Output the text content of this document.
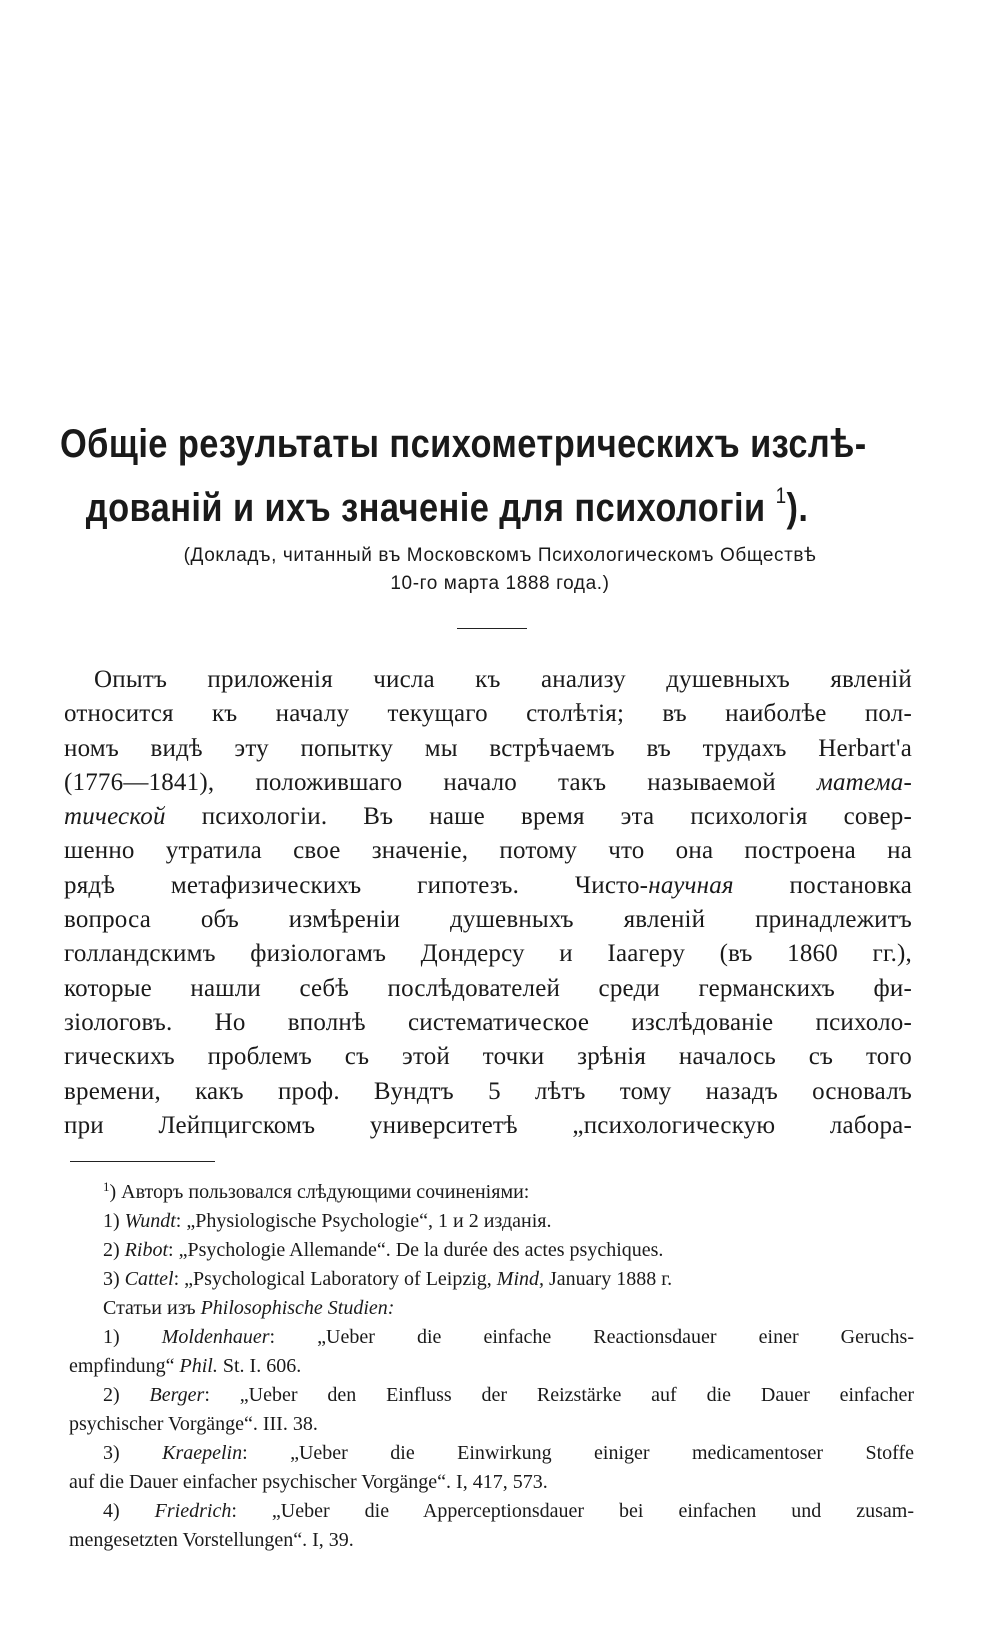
Общіе результаты психометрическихъ изслѣ-
дованій и ихъ значеніе для психологіи $^1$).
(Докладъ, читанный въ Московскомъ Психологическомъ Обществѣ
10-го марта 1888 года.)
Опытъ приложенія числа къ анализу душевныхъ явленій
относится къ началу текущаго столѣтія; въ наиболѣе пол-
номъ видѣ эту попытку мы встрѣчаемъ въ трудахъ Herbart'a
(1776—1841), положившаго начало такъ называемой матема-
тической психологіи. Въ наше время эта психологія совер-
шенно утратила свое значеніе, потому что она построена на
рядѣ метафизическихъ гипотезъ. Чисто-научная постановка
вопроса объ измѣреніи душевныхъ явленій принадлежитъ
голландскимъ физіологамъ Дондерсу и Іаагеру (въ 1860 гг.),
которые нашли себѣ послѣдователей среди германскихъ фи-
зіологовъ. Но вполнѣ систематическое изслѣдованіе психоло-
гическихъ проблемъ съ этой точки зрѣнія началось съ того
времени, какъ проф. Вундтъ 5 лѣтъ тому назадъ основалъ
при Лейпцигскомъ университетѣ „психологическую лабора-
$^1$) Авторъ пользовался слѣдующими сочиненіями:
1) Wundt: „Physiologische Psychologie“, 1 и 2 изданія.
2) Ribot: „Psychologie Allemande“. De la durée des actes psychiques.
3) Cattel: „Psychological Laboratory of Leipzig, Mind, January 1888 г.
Статьи изъ Philosophische Studien:
1) Moldenhauer: „Ueber die einfache Reactionsdauer einer Geruchs-
empfindung“ Phil. St. I. 606.
2) Berger: „Ueber den Einfluss der Reizstärke auf die Dauer einfacher
psychischer Vorgänge“. III. 38.
3) Kraepelin: „Ueber die Einwirkung einiger medicamentoser Stoffe
auf die Dauer einfacher psychischer Vorgänge“. I, 417, 573.
4) Friedrich: „Ueber die Apperceptionsdauer bei einfachen und zusam-
mengesetzten Vorstellungen“. I, 39.
